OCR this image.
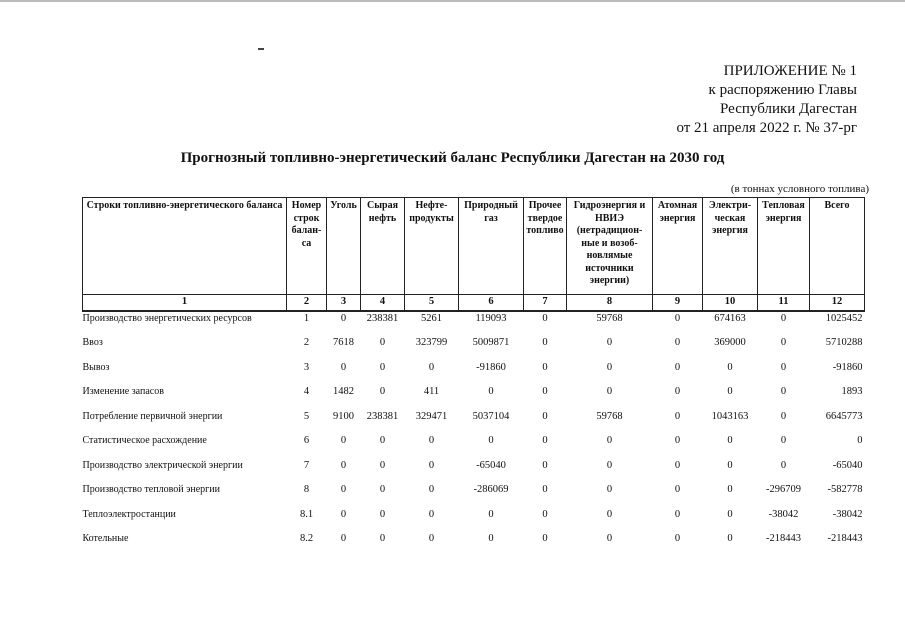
ПРИЛОЖЕНИЕ № 1
к распоряжению Главы
Республики Дагестан
от 21 апреля 2022 г. № 37-рг
Прогнозный топливно-энергетический баланс Республики Дагестан на 2030 год
(в тоннах условного топлива)
Строки топливно-энергетического баланса	Номер строк балан-са	Уголь	Сырая нефть	Нефте-продукты	Природный газ	Прочее твердое топливо	Гидроэнергия и НВИЭ (нетрадицион-ные и возоб-новлямые источники энергии)	Атомная энергия	Электри-ческая энергия	Тепловая энергия	Всего
1	2	3	4	5	6	7	8	9	10	11	12
Производство энергетических ресурсов	1	0	238381	5261	119093	0	59768	0	674163	0	1025452
Ввоз	2	7618	0	323799	5009871	0	0	0	369000	0	5710288
Вывоз	3	0	0	0	-91860	0	0	0	0	0	-91860
Изменение запасов	4	1482	0	411	0	0	0	0	0	0	1893
Потребление первичной энергии	5	9100	238381	329471	5037104	0	59768	0	1043163	0	6645773
Статистическое расхождение	6	0	0	0	0	0	0	0	0	0	0
Производство электрической энергии	7	0	0	0	-65040	0	0	0	0	0	-65040
Производство тепловой энергии	8	0	0	0	-286069	0	0	0	0	-296709	-582778
Теплоэлектростанции	8.1	0	0	0	0	0	0	0	0	-38042	-38042
Котельные	8.2	0	0	0	0	0	0	0	0	-218443	-218443
